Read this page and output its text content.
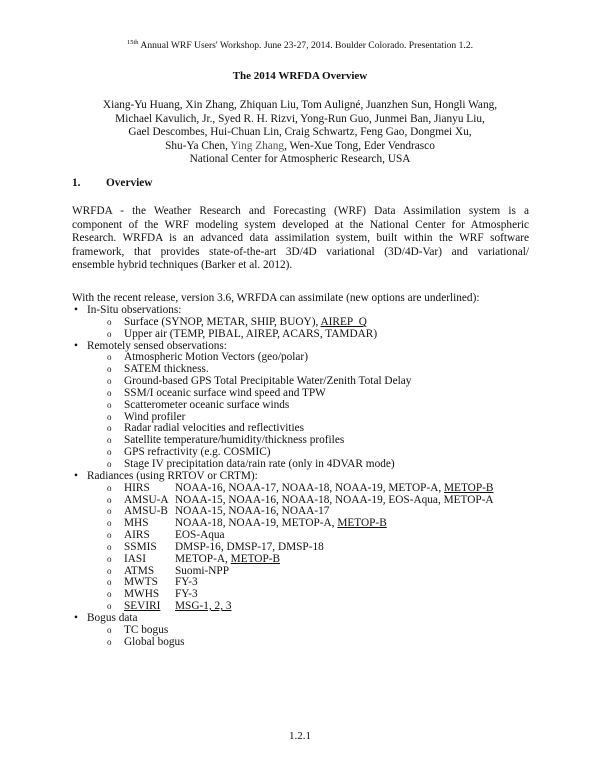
$^{15th}$ Annual WRF Users' Workshop. June 23-27, 2014. Boulder Colorado. Presentation 1.2.
The 2014 WRFDA Overview
Xiang-Yu Huang, Xin Zhang, Zhiquan Liu, Tom Auligné, Juanzhen Sun, Hongli Wang,
Michael Kavulich, Jr., Syed R. H. Rizvi, Yong-Run Guo, Junmei Ban, Jianyu Liu,
Gael Descombes, Hui-Chuan Lin, Craig Schwartz, Feng Gao, Dongmei Xu,
Shu-Ya Chen, Ying Zhang, Wen-Xue Tong, Eder Vendrasco
National Center for Atmospheric Research, USA
1. Overview
WRFDA - the Weather Research and Forecasting (WRF) Data Assimilation system is a
component of the WRF modeling system developed at the National Center for Atmospheric
Research. WRFDA is an advanced data assimilation system, built within the WRF software
framework, that provides state-of-the-art 3D/4D variational (3D/4D-Var) and variational/
ensemble hybrid techniques (Barker et al. 2012).
With the recent release, version 3.6, WRFDA can assimilate (new options are underlined):
• In-Situ observations:
o Surface (SYNOP, METAR, SHIP, BUOY), AIREP_Q
o Upper air (TEMP, PIBAL, AIREP, ACARS, TAMDAR)
• Remotely sensed observations:
o Atmospheric Motion Vectors (geo/polar)
o SATEM thickness.
o Ground-based GPS Total Precipitable Water/Zenith Total Delay
o SSM/I oceanic surface wind speed and TPW
o Scatterometer oceanic surface winds
o Wind profiler
o Radar radial velocities and reflectivities
o Satellite temperature/humidity/thickness profiles
o GPS refractivity (e.g. COSMIC)
o Stage IV precipitation data/rain rate (only in 4DVAR mode)
• Radiances (using RRTOV or CRTM):
o HIRS NOAA-16, NOAA-17, NOAA-18, NOAA-19, METOP-A, METOP-B
o AMSU-A NOAA-15, NOAA-16, NOAA-18, NOAA-19, EOS-Aqua, METOP-A
o AMSU-B NOAA-15, NOAA-16, NOAA-17
o MHS NOAA-18, NOAA-19, METOP-A, METOP-B
o AIRS EOS-Aqua
o SSMIS DMSP-16, DMSP-17, DMSP-18
o IASI	METOP-A, METOP-B
o ATMS Suomi-NPP
o MWTS FY-3
o MWHS FY-3
o SEVIRI MSG-1, 2, 3
• Bogus data
o TC bogus
o Global bogus
1.2.1
